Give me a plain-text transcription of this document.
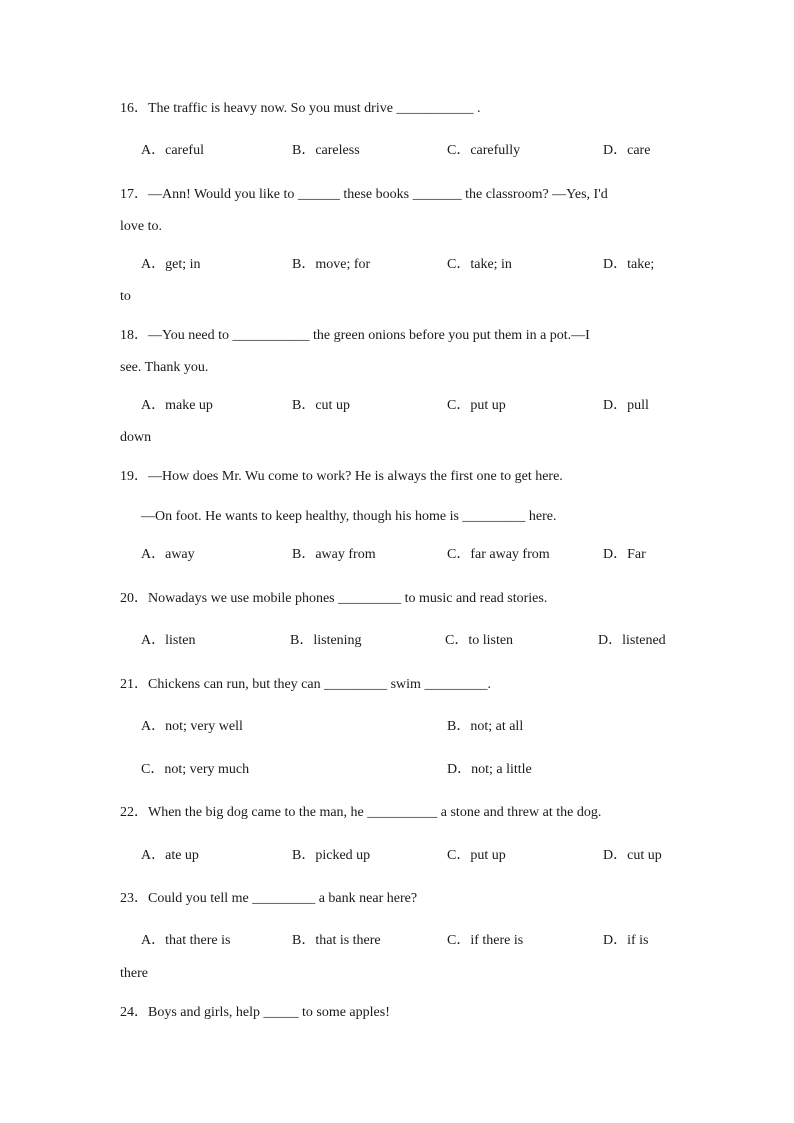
16．The traffic is heavy now. So you must drive ___________ .
A．careful	B．careless	C．carefully	D．care
17．—Ann! Would you like to ______ these books _______ the classroom? —Yes, I'd
love to.
A．get; in	B．move; for	C．take; in	D．take;
to
18．—You need to ___________ the green onions before you put them in a pot.—I
see. Thank you.
A．make up	B．cut up	C．put up	D．pull
down
19．—How does Mr. Wu come to work? He is always the first one to get here.
—On foot. He wants to keep healthy, though his home is _________ here.
A．away	B．away from	C．far away from	D．Far
20．Nowadays we use mobile phones _________ to music and read stories.
A．listen	B．listening	C．to listen	D．listened
21．Chickens can run, but they can _________ swim _________.
A．not; very well	B．not; at all
C．not; very much	D．not; a little
22．When the big dog came to the man, he __________ a stone and threw at the dog.
A．ate up	B．picked up	C．put up	D．cut up
23．Could you tell me _________ a bank near here?
A．that there is	B．that is there	C．if there is	D．if is
there
24．Boys and girls, help _____ to some apples!
